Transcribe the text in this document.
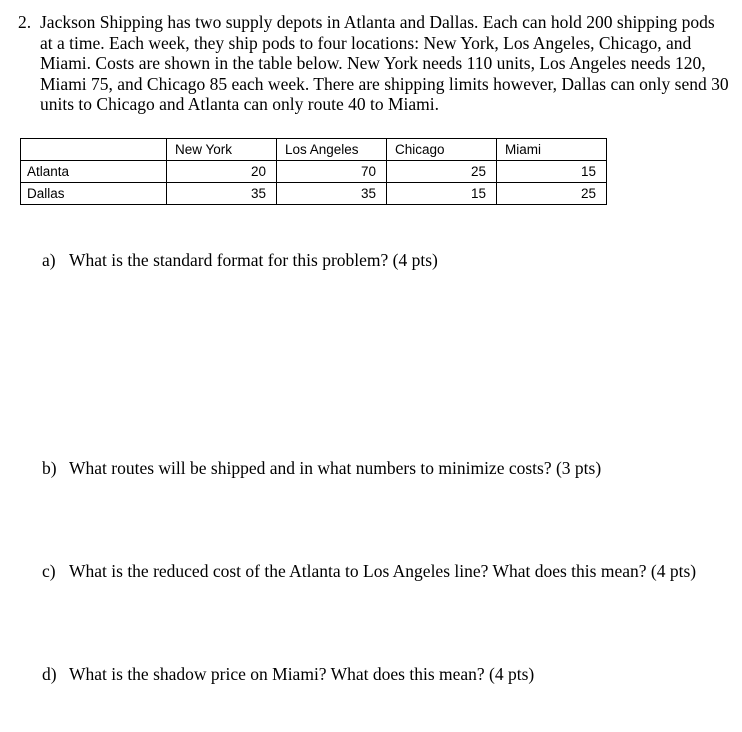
2. Jackson Shipping has two supply depots in Atlanta and Dallas. Each can hold 200 shipping pods at a time. Each week, they ship pods to four locations: New York, Los Angeles, Chicago, and Miami. Costs are shown in the table below. New York needs 110 units, Los Angeles needs 120, Miami 75, and Chicago 85 each week. There are shipping limits however, Dallas can only send 30 units to Chicago and Atlanta can only route 40 to Miami.
	New York	Los Angeles	Chicago	Miami
Atlanta	20	70	25	15
Dallas	35	35	15	25
a) What is the standard format for this problem? (4 pts)
b) What routes will be shipped and in what numbers to minimize costs? (3 pts)
c) What is the reduced cost of the Atlanta to Los Angeles line? What does this mean? (4 pts)
d) What is the shadow price on Miami? What does this mean? (4 pts)
